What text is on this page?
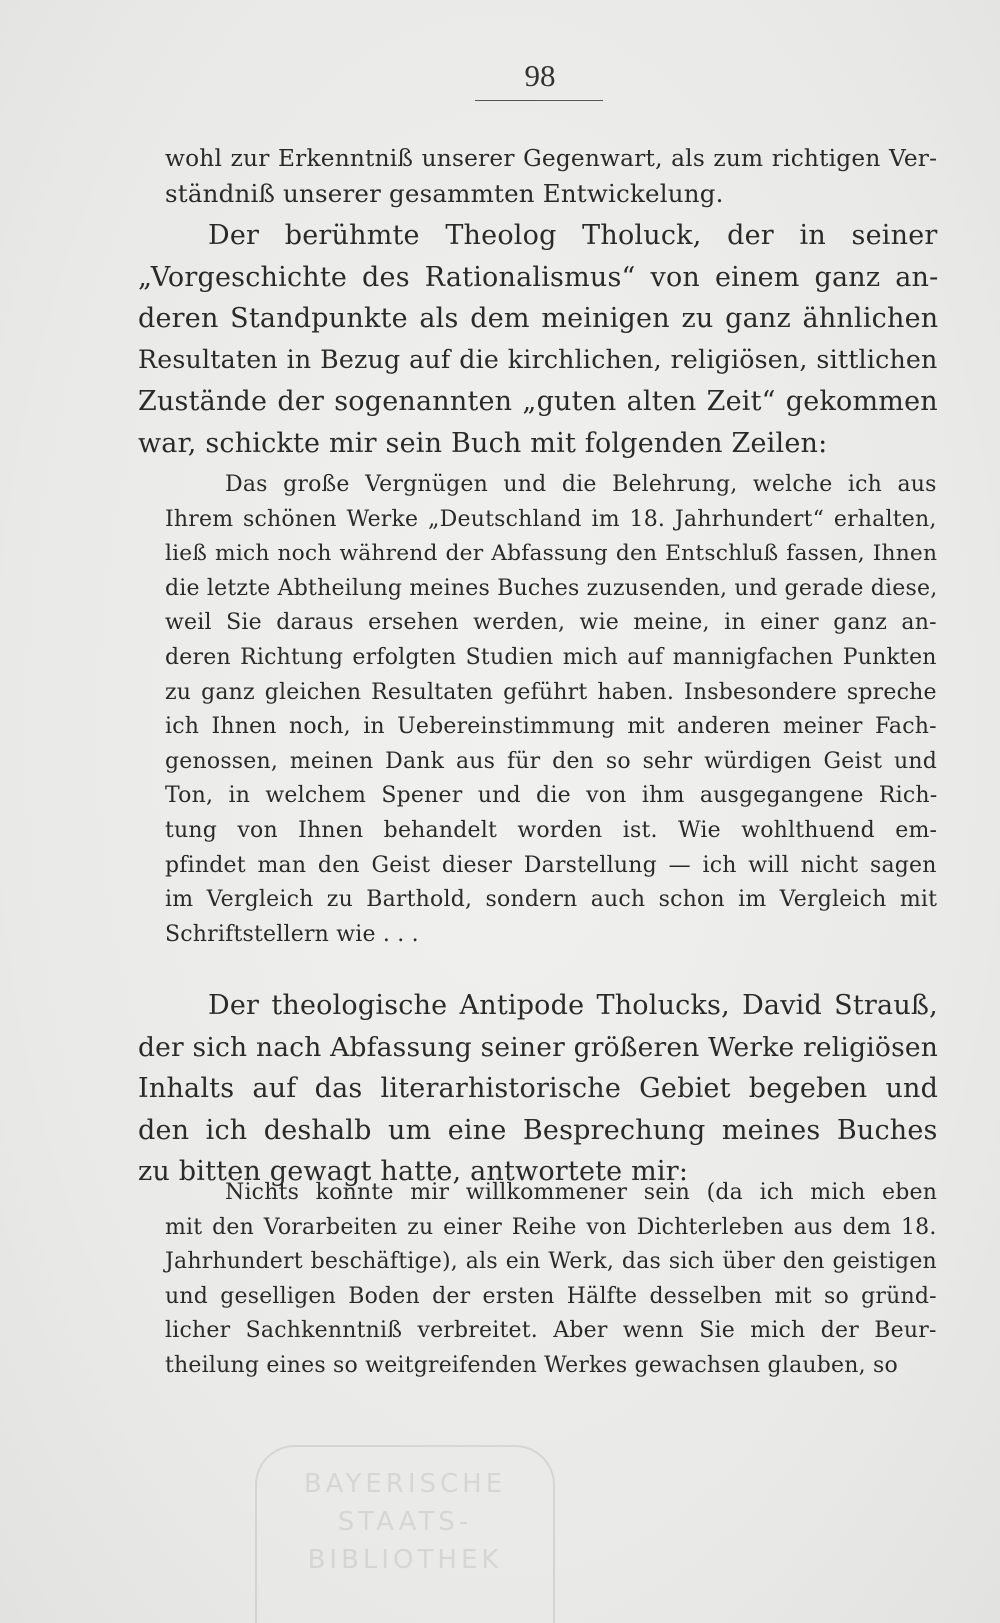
BAYERISCHE
STAATS-
BIBLIOTHEK
98
wohl zur Erkenntniß unserer Gegenwart, als zum richtigen Ver-
ständniß unserer gesammten Entwickelung.
Der berühmte Theolog Tholuck, der in seiner
„Vorgeschichte des Rationalismus“ von einem ganz an-
deren Standpunkte als dem meinigen zu ganz ähnlichen
Resultaten in Bezug auf die kirchlichen, religiösen, sittlichen
Zustände der sogenannten „guten alten Zeit“ gekommen
war, schickte mir sein Buch mit folgenden Zeilen:
Das große Vergnügen und die Belehrung, welche ich aus
Ihrem schönen Werke „Deutschland im 18. Jahrhundert“ erhalten,
ließ mich noch während der Abfassung den Entschluß fassen, Ihnen
die letzte Abtheilung meines Buches zuzusenden, und gerade diese,
weil Sie daraus ersehen werden, wie meine, in einer ganz an-
deren Richtung erfolgten Studien mich auf mannigfachen Punkten
zu ganz gleichen Resultaten geführt haben. Insbesondere spreche
ich Ihnen noch, in Uebereinstimmung mit anderen meiner Fach-
genossen, meinen Dank aus für den so sehr würdigen Geist und
Ton, in welchem Spener und die von ihm ausgegangene Rich-
tung von Ihnen behandelt worden ist. Wie wohlthuend em-
pfindet man den Geist dieser Darstellung — ich will nicht sagen
im Vergleich zu Barthold, sondern auch schon im Vergleich mit
Schriftstellern wie . . .
Der theologische Antipode Tholucks, David Strauß,
der sich nach Abfassung seiner größeren Werke religiösen
Inhalts auf das literarhistorische Gebiet begeben und
den ich deshalb um eine Besprechung meines Buches
zu bitten gewagt hatte, antwortete mir:
Nichts konnte mir willkommener sein (da ich mich eben
mit den Vorarbeiten zu einer Reihe von Dichterleben aus dem 18.
Jahrhundert beschäftige), als ein Werk, das sich über den geistigen
und geselligen Boden der ersten Hälfte desselben mit so gründ-
licher Sachkenntniß verbreitet. Aber wenn Sie mich der Beur-
theilung eines so weitgreifenden Werkes gewachsen glauben, so
